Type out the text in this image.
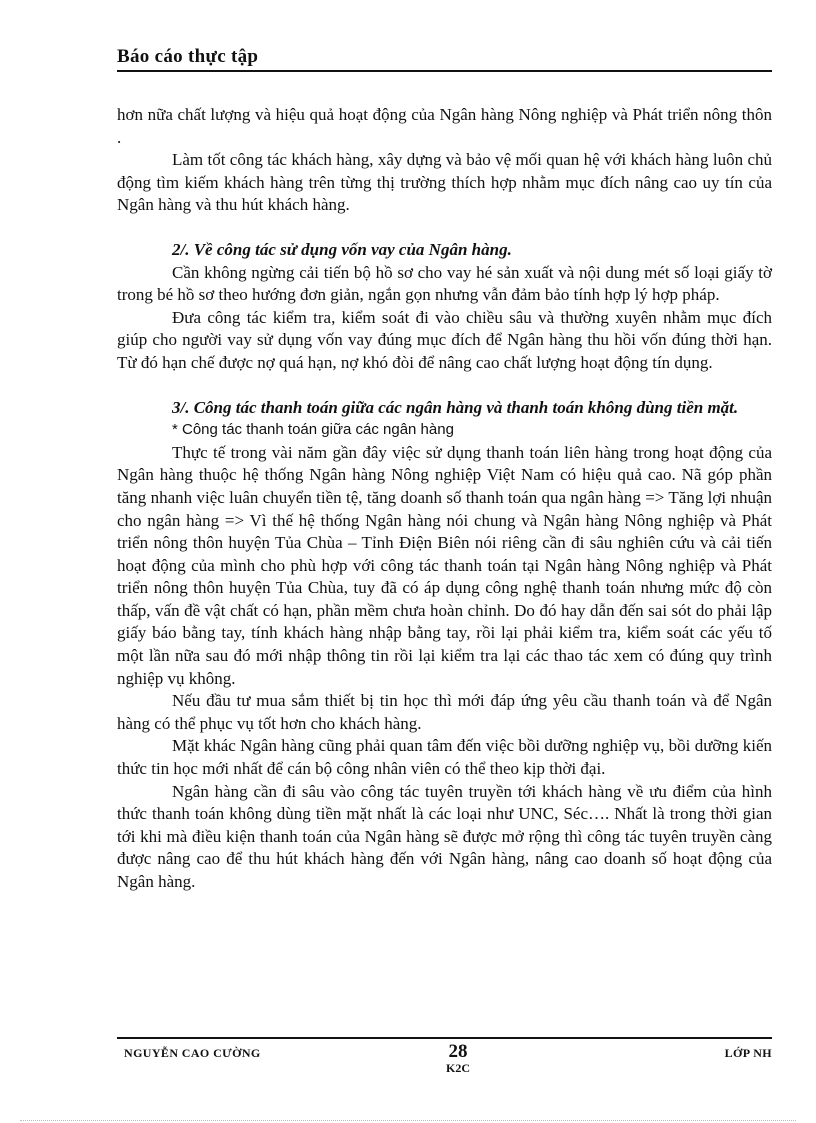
Báo cáo thực tập

hơn nữa chất lượng và hiệu quả hoạt động của Ngân hàng Nông nghiệp và Phát triển nông thôn .

Làm tốt công tác khách hàng, xây dựng và bảo vệ mối quan hệ với khách hàng luôn chủ động tìm kiếm khách hàng trên từng thị trường thích hợp nhằm mục đích nâng cao uy tín của Ngân hàng và thu hút khách hàng.

2/. Về công tác sử dụng vốn vay của Ngân hàng.

Cần không ngừng cải tiến bộ hồ sơ cho vay hé sản xuất và nội dung mét số loại giấy tờ trong bé hồ sơ theo hướng đơn giản, ngắn gọn nhưng vẫn đảm bảo tính hợp lý hợp pháp.

Đưa công tác kiểm tra, kiểm soát đi vào chiều sâu và thường xuyên nhằm mục đích giúp cho người vay sử dụng vốn vay đúng mục đích để Ngân hàng thu hồi vốn đúng thời hạn. Từ đó hạn chế được nợ quá hạn, nợ khó đòi để nâng cao chất lượng hoạt động tín dụng.

3/. Công tác thanh toán giữa các ngân hàng và thanh toán không dùng tiền mặt.

* Công tác thanh toán giữa các ngân hàng

Thực tế trong vài năm gần đây việc sử dụng thanh toán liên hàng trong hoạt động của Ngân hàng thuộc hệ thống Ngân hàng Nông nghiệp Việt Nam có hiệu quả cao. Nã góp phần tăng nhanh việc luân chuyển tiền tệ, tăng doanh số thanh toán qua ngân hàng => Tăng lợi nhuận cho ngân hàng => Vì thế hệ thống Ngân hàng nói chung và Ngân hàng Nông nghiệp và Phát triển nông thôn huyện Tủa Chùa – Tỉnh Điện Biên nói riêng cần đi sâu nghiên cứu và cải tiến hoạt động của mình cho phù hợp với công tác thanh toán tại Ngân hàng Nông nghiệp và Phát triển nông thôn huyện Tủa Chùa, tuy đã có áp dụng công nghệ thanh toán nhưng mức độ còn thấp, vấn đề vật chất có hạn, phần mềm chưa hoàn chỉnh. Do đó hay dẫn đến sai sót do phải lập giấy báo bằng tay, tính khách hàng nhập bằng tay, rồi lại phải kiểm tra, kiểm soát các yếu tố một lần nữa sau đó mới nhập thông tin rồi lại kiểm tra lại các thao tác xem có đúng quy trình nghiệp vụ không.

Nếu đầu tư mua sắm thiết bị tin học thì mới đáp ứng yêu cầu thanh toán và để Ngân hàng có thể phục vụ tốt hơn cho khách hàng.

Mặt khác Ngân hàng cũng phải quan tâm đến việc bồi dưỡng nghiệp vụ, bồi dưỡng kiến thức tin học mới nhất để cán bộ công nhân viên có thể theo kịp thời đại.

Ngân hàng cần đi sâu vào công tác tuyên truyền tới khách hàng về ưu điểm của hình thức thanh toán không dùng tiền mặt nhất là các loại như UNC, Séc…. Nhất là trong thời gian tới khi mà điều kiện thanh toán của Ngân hàng sẽ được mở rộng thì công tác tuyên truyền càng được nâng cao để thu hút khách hàng đến với Ngân hàng, nâng cao doanh số hoạt động của Ngân hàng.

NGUYỄN CAO CƯỜNG	28
K2C
LỚP NH
